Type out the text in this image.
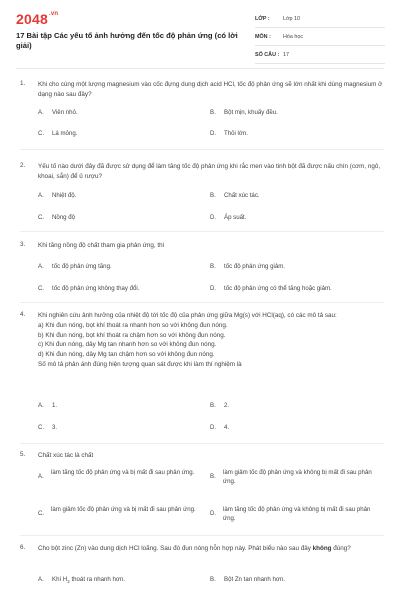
$2048^{.vn}$
17 Bài tập Các yếu tố ảnh hưởng đến tốc độ phản ứng (có lời giải)
LỚP : Lớp 10
MÔN : Hóa học
SỐ CÂU : 17
1. Khi cho cùng một lượng magnesium vào cốc đựng dung dịch acid HCl, tốc độ phản ứng sẽ lớn nhất khi dùng magnesium ở dạng nào sau đây?
A. Viên nhỏ.	B. Bột mịn, khuấy đều.
C. Lá mỏng.	D. Thỏi lớn.
2. Yếu tố nào dưới đây đã được sử dụng để làm tăng tốc độ phản ứng khi rắc men vào tinh bột đã được nấu chín (cơm, ngô, khoai, sắn) để ủ rượu?
A. Nhiệt độ.	B. Chất xúc tác.
C. Nồng độ	D. Áp suất.
3. Khi tăng nồng độ chất tham gia phản ứng, thì
A. tốc độ phản ứng tăng.	B. tốc độ phản ứng giảm.
C. tốc độ phản ứng không thay đổi.	D. tốc độ phản ứng có thể tăng hoặc giảm.
4. Khi nghiên cứu ảnh hưởng của nhiệt độ tới tốc độ của phản ứng giữa Mg(s) với HCl(aq), có các mô tả sau:
a) Khi đun nóng, bọt khí thoát ra nhanh hơn so với không đun nóng.
b) Khi đun nóng, bọt khí thoát ra chậm hơn so với không đun nóng.
c) Khi đun nóng, dây Mg tan nhanh hơn so với không đun nóng.
d) Khi đun nóng, dây Mg tan chậm hơn so với không đun nóng.
Số mô tả phản ánh đúng hiện tượng quan sát được khi làm thí nghiệm là
A. 1.	B. 2.
C. 3.	D. 4.
5. Chất xúc tác là chất
A.
làm tăng tốc độ phản ứng và bị mất đi sau phản ứng.
B.
làm giảm tốc độ phản ứng và không bị mất đi sau phản ứng.
C.
làm giảm tốc độ phản ứng và bị mất đi sau phản ứng.
D.
làm tăng tốc độ phản ứng và không bị mất đi sau phản ứng.
6. Cho bột zinc (Zn) vào dung dịch HCl loãng. Sau đó đun nóng hỗn hợp này. Phát biểu nào sau đây không đúng?
A. Khí $H_2$ thoát ra nhanh hơn.	B. Bột Zn tan nhanh hơn.
